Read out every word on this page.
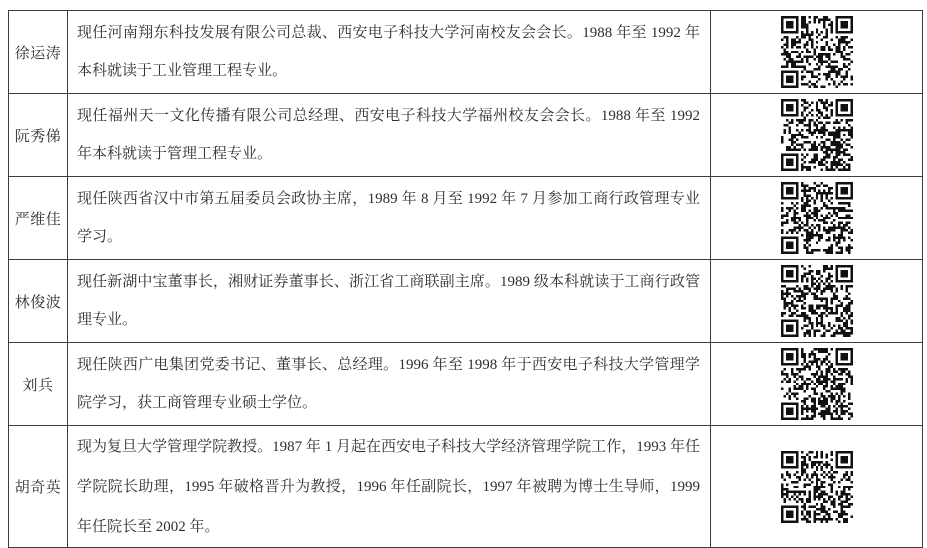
徐运涛	现任河南翔东科技发展有限公司总裁、西安电子科技大学河南校友会会长。1988 年至 1992 年本科就读于工业管理工程专业。	
阮秀俤	现任福州天一文化传播有限公司总经理、西安电子科技大学福州校友会会长。1988 年至 1992 年本科就读于管理工程专业。	
严维佳	现任陕西省汉中市第五届委员会政协主席，1989 年 8 月至 1992 年 7 月参加工商行政管理专业学习。	
林俊波	现任新湖中宝董事长，湘财证券董事长、浙江省工商联副主席。1989 级本科就读于工商行政管理专业。	
刘兵	现任陕西广电集团党委书记、董事长、总经理。1996 年至 1998 年于西安电子科技大学管理学院学习，获工商管理专业硕士学位。	
胡奇英	现为复旦大学管理学院教授。1987 年 1 月起在西安电子科技大学经济管理学院工作，1993 年任学院院长助理，1995 年破格晋升为教授，1996 年任副院长，1997 年被聘为博士生导师，1999 年任院长至 2002 年。	
